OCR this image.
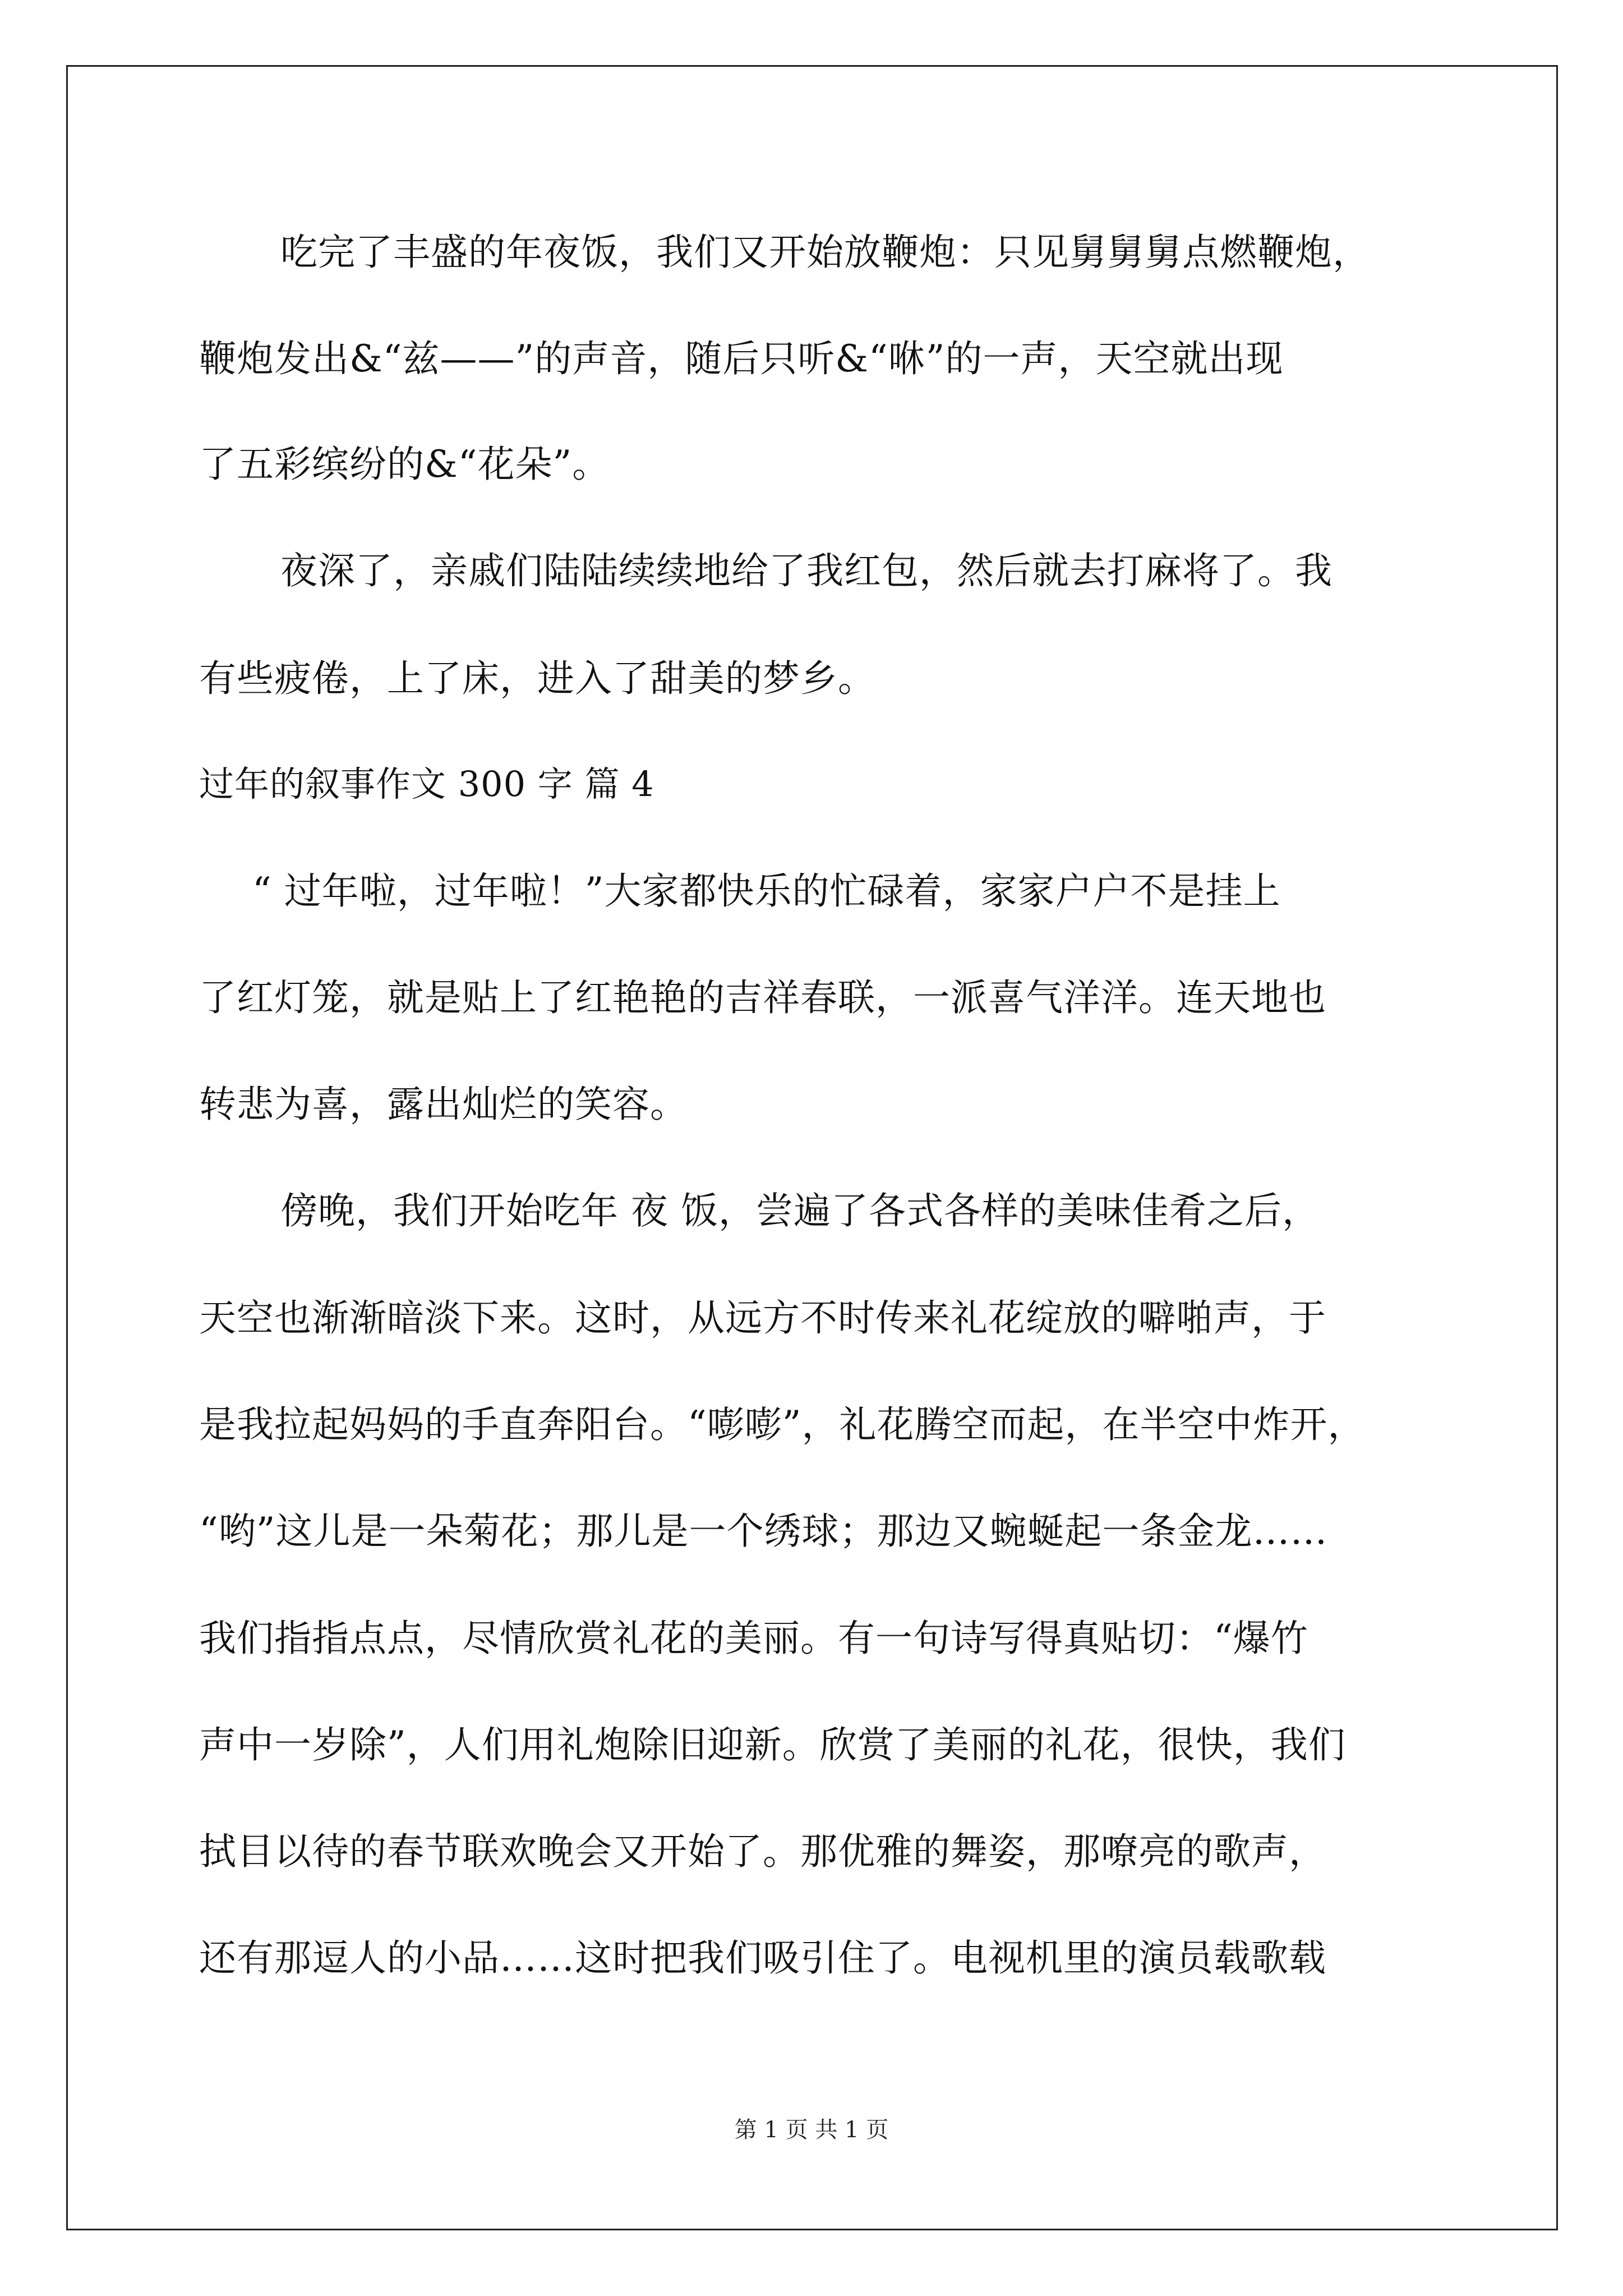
吃完了丰盛的年夜饭，我们又开始放鞭炮：只见舅舅舅点燃鞭炮，
鞭炮发出&“兹——”的声音，随后只听&“咻”的一声，天空就出现
了五彩缤纷的&“花朵”。
夜深了，亲戚们陆陆续续地给了我红包，然后就去打麻将了。我
有些疲倦，上了床，进入了甜美的梦乡。
过年的叙事作文 300 字 篇 4
“ 过年啦，过年啦！”大家都快乐的忙碌着，家家户户不是挂上
了红灯笼，就是贴上了红艳艳的吉祥春联，一派喜气洋洋。连天地也
转悲为喜，露出灿烂的笑容。
傍晚，我们开始吃年 夜 饭，尝遍了各式各样的美味佳肴之后，
天空也渐渐暗淡下来。这时，从远方不时传来礼花绽放的噼啪声，于
是我拉起妈妈的手直奔阳台。“嘭嘭”，礼花腾空而起，在半空中炸开，
“哟”这儿是一朵菊花；那儿是一个绣球；那边又蜿蜒起一条金龙……
我们指指点点，尽情欣赏礼花的美丽。有一句诗写得真贴切：“爆竹
声中一岁除”，人们用礼炮除旧迎新。欣赏了美丽的礼花，很快，我们
拭目以待的春节联欢晚会又开始了。那优雅的舞姿，那嘹亮的歌声，
还有那逗人的小品……这时把我们吸引住了。电视机里的演员载歌载
第 1 页 共 1 页
